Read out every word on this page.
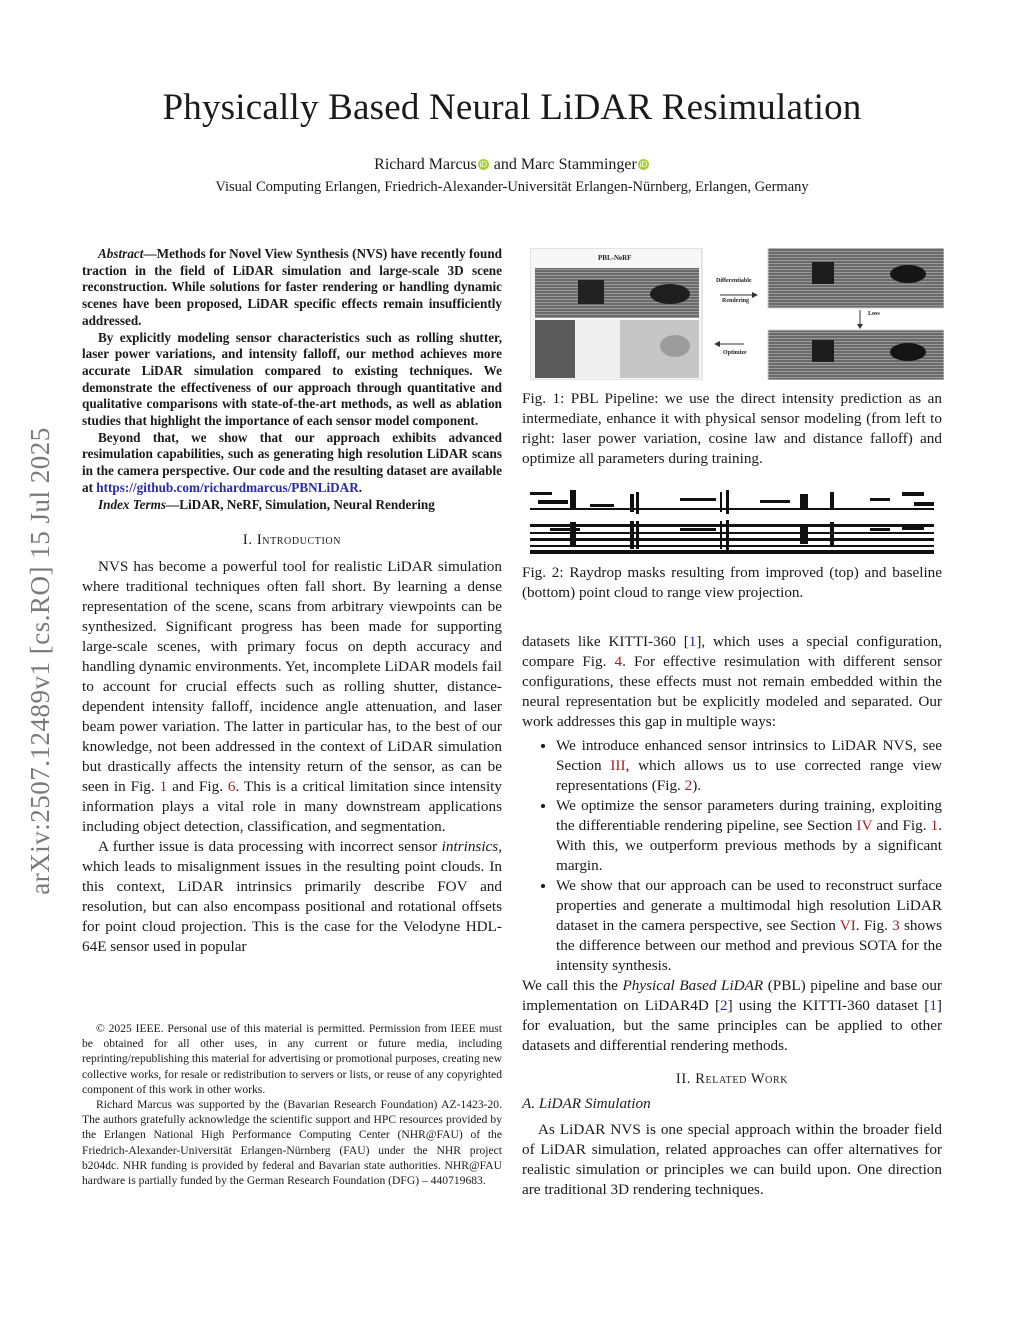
arXiv:2507.12489v1 [cs.RO] 15 Jul 2025
Physically Based Neural LiDAR Resimulation
Richard Marcus iD and Marc Stamminger iD
Visual Computing Erlangen, Friedrich-Alexander-Universität Erlangen-Nürnberg, Erlangen, Germany

Abstract—Methods for Novel View Synthesis (NVS) have recently found traction in the field of LiDAR simulation and large-scale 3D scene reconstruction. While solutions for faster rendering or handling dynamic scenes have been proposed, LiDAR specific effects remain insufficiently addressed.

By explicitly modeling sensor characteristics such as rolling shutter, laser power variations, and intensity falloff, our method achieves more accurate LiDAR simulation compared to existing techniques. We demonstrate the effectiveness of our approach through quantitative and qualitative comparisons with state-of-the-art methods, as well as ablation studies that highlight the importance of each sensor model component.

Beyond that, we show that our approach exhibits advanced resimulation capabilities, such as generating high resolution LiDAR scans in the camera perspective. Our code and the resulting dataset are available at https://github.com/richardmarcus/PBNLiDAR.

Index Terms—LiDAR, NeRF, Simulation, Neural Rendering

I. Introduction

NVS has become a powerful tool for realistic LiDAR simulation where traditional techniques often fall short. By learning a dense representation of the scene, scans from arbitrary viewpoints can be synthesized. Significant progress has been made for supporting large-scale scenes, with primary focus on depth accuracy and handling dynamic environments. Yet, incomplete LiDAR models fail to account for crucial effects such as rolling shutter, distance-dependent intensity falloff, incidence angle attenuation, and laser beam power variation. The latter in particular has, to the best of our knowledge, not been addressed in the context of LiDAR simulation but drastically affects the intensity return of the sensor, as can be seen in Fig. 1 and Fig. 6. This is a critical limitation since intensity information plays a vital role in many downstream applications including object detection, classification, and segmentation.

A further issue is data processing with incorrect sensor intrinsics, which leads to misalignment issues in the resulting point clouds. In this context, LiDAR intrinsics primarily describe FOV and resolution, but can also encompass positional and rotational offsets for point cloud projection. This is the case for the Velodyne HDL-64E sensor used in popular

© 2025 IEEE. Personal use of this material is permitted. Permission from IEEE must be obtained for all other uses, in any current or future media, including reprinting/republishing this material for advertising or promotional purposes, creating new collective works, for resale or redistribution to servers or lists, or reuse of any copyrighted component of this work in other works.

Richard Marcus was supported by the (Bavarian Research Foundation) AZ-1423-20. The authors gratefully acknowledge the scientific support and HPC resources provided by the Erlangen National High Performance Computing Center (NHR@FAU) of the Friedrich-Alexander-Universität Erlangen-Nürnberg (FAU) under the NHR project b204dc. NHR funding is provided by federal and Bavarian state authorities. NHR@FAU hardware is partially funded by the German Research Foundation (DFG) – 440719683.

PBL-NeRF
Differentiable
Rendering
Loss
Optimize
Fig. 1: PBL Pipeline: we use the direct intensity prediction as an intermediate, enhance it with physical sensor modeling (from left to right: laser power variation, cosine law and distance falloff) and optimize all parameters during training.
Fig. 2: Raydrop masks resulting from improved (top) and baseline (bottom) point cloud to range view projection.

datasets like KITTI-360 [1], which uses a special configuration, compare Fig. 4. For effective resimulation with different sensor configurations, these effects must not remain embedded within the neural representation but be explicitly modeled and separated. Our work addresses this gap in multiple ways:

• We introduce enhanced sensor intrinsics to LiDAR NVS, see Section III, which allows us to use corrected range view representations (Fig. 2).
• We optimize the sensor parameters during training, exploiting the differentiable rendering pipeline, see Section IV and Fig. 1. With this, we outperform previous methods by a significant margin.
• We show that our approach can be used to reconstruct surface properties and generate a multimodal high resolution LiDAR dataset in the camera perspective, see Section VI. Fig. 3 shows the difference between our method and previous SOTA for the intensity synthesis.

We call this the Physical Based LiDAR (PBL) pipeline and base our implementation on LiDAR4D [2] using the KITTI-360 dataset [1] for evaluation, but the same principles can be applied to other datasets and differential rendering methods.

II. Related Work
A. LiDAR Simulation

As LiDAR NVS is one special approach within the broader field of LiDAR simulation, related approaches can offer alternatives for realistic simulation or principles we can build upon. One direction are traditional 3D rendering techniques.
